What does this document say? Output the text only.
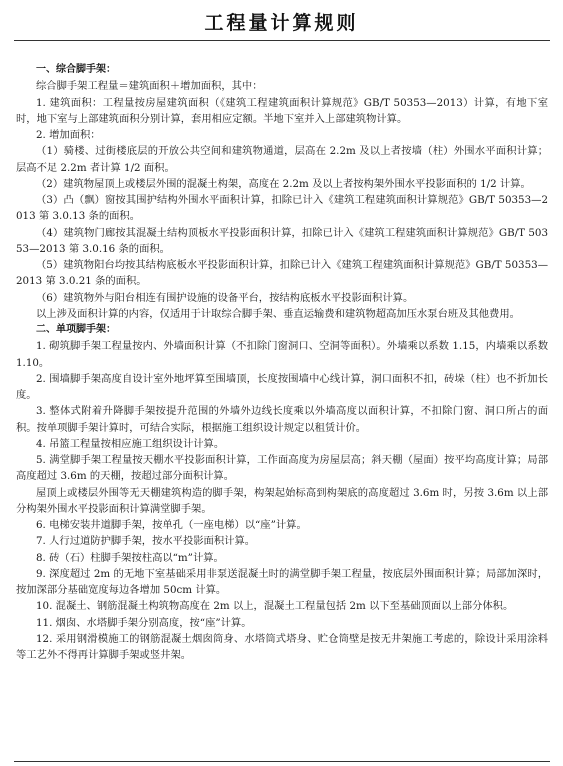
工程量计算规则

一、综合脚手架：

综合脚手架工程量＝建筑面积＋增加面积，其中：

1. 建筑面积：工程量按房屋建筑面积（《建筑工程建筑面积计算规范》GB/T 50353—2013）计算，有地下室时，地下室与上部建筑面积分别计算，套用相应定额。半地下室并入上部建筑物计算。

2. 增加面积：

（1）骑楼、过街楼底层的开放公共空间和建筑物通道，层高在 2.2m 及以上者按墙（柱）外围水平面积计算；层高不足 2.2m 者计算 1/2 面积。

（2）建筑物屋顶上或楼层外围的混凝土构架，高度在 2.2m 及以上者按构架外围水平投影面积的 1/2 计算。

（3）凸（飘）窗按其围护结构外围水平面积计算，扣除已计入《建筑工程建筑面积计算规范》GB/T 50353—2013 第 3.0.13 条的面积。

（4）建筑物门廊按其混凝土结构顶板水平投影面积计算，扣除已计入《建筑工程建筑面积计算规范》GB/T 50353—2013 第 3.0.16 条的面积。

（5）建筑物阳台均按其结构底板水平投影面积计算，扣除已计入《建筑工程建筑面积计算规范》GB/T 50353—2013 第 3.0.21 条的面积。

（6）建筑物外与阳台相连有围护设施的设备平台，按结构底板水平投影面积计算。

以上涉及面积计算的内容，仅适用于计取综合脚手架、垂直运输费和建筑物超高加压水泵台班及其他费用。

二、单项脚手架：

1. 砌筑脚手架工程量按内、外墙面积计算（不扣除门窗洞口、空洞等面积）。外墙乘以系数 1.15，内墙乘以系数 1.10。

2. 围墙脚手架高度自设计室外地坪算至围墙顶，长度按围墙中心线计算，洞口面积不扣，砖垛（柱）也不折加长度。

3. 整体式附着升降脚手架按提升范围的外墙外边线长度乘以外墙高度以面积计算，不扣除门窗、洞口所占的面积。按单项脚手架计算时，可结合实际，根据施工组织设计规定以租赁计价。

4. 吊篮工程量按相应施工组织设计计算。

5. 满堂脚手架工程量按天棚水平投影面积计算，工作面高度为房屋层高；斜天棚（屋面）按平均高度计算；局部高度超过 3.6m 的天棚，按超过部分面积计算。

屋顶上或楼层外围等无天棚建筑构造的脚手架，构架起始标高到构架底的高度超过 3.6m 时，另按 3.6m 以上部分构架外围水平投影面积计算满堂脚手架。

6. 电梯安装井道脚手架，按单孔（一座电梯）以“座”计算。

7. 人行过道防护脚手架，按水平投影面积计算。

8. 砖（石）柱脚手架按柱高以“m”计算。

9. 深度超过 2m 的无地下室基础采用非泵送混凝土时的满堂脚手架工程量，按底层外围面积计算；局部加深时，按加深部分基础宽度每边各增加 50cm 计算。

10. 混凝土、钢筋混凝土构筑物高度在 2m 以上，混凝土工程量包括 2m 以下至基础顶面以上部分体积。

11. 烟囱、水塔脚手架分别高度，按“座”计算。

12. 采用钢滑模施工的钢筋混凝土烟囱筒身、水塔筒式塔身、贮仓筒壁是按无井架施工考虑的，除设计采用涂料等工艺外不得再计算脚手架或竖井架。
